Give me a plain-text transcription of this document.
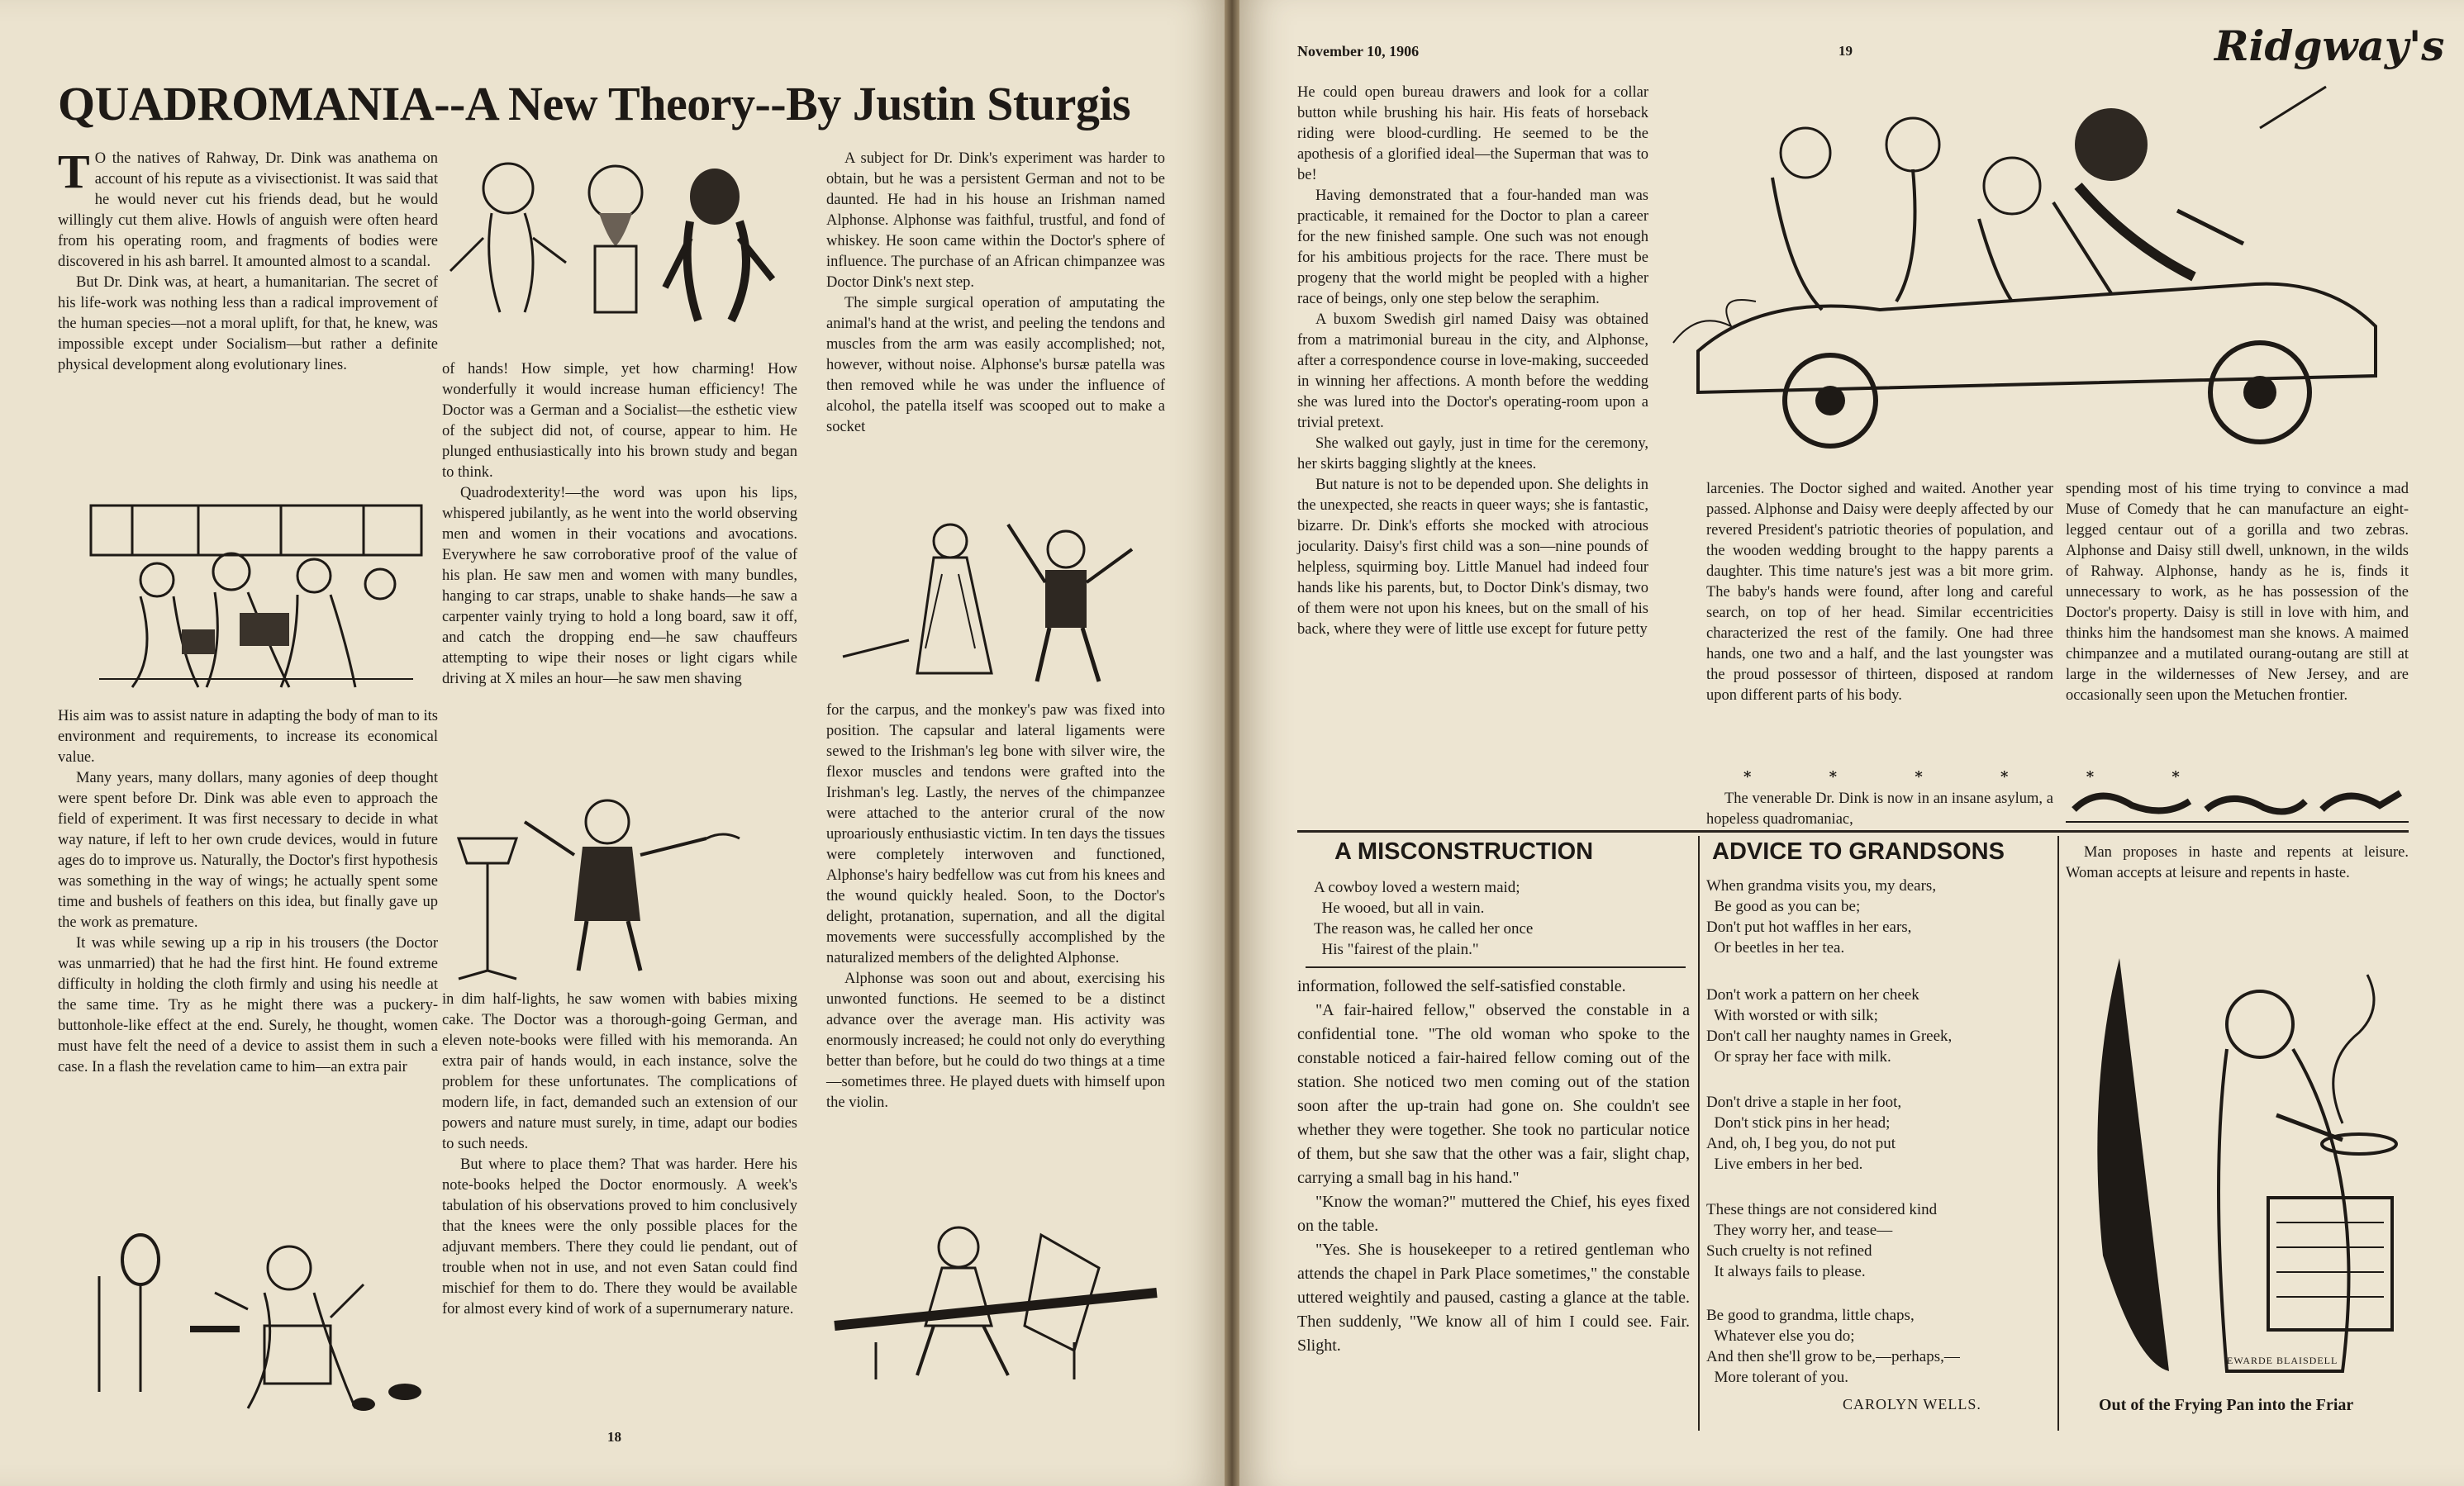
QUADROMANIA--A New Theory--By Justin Sturgis

T O the natives of Rahway, Dr. Dink was anathema on account of his repute as a vivisectionist. It was said that he would never cut his friends dead, but he would willingly cut them alive. Howls of anguish were often heard from his operating room, and fragments of bodies were discovered in his ash barrel. It amounted almost to a scandal.

But Dr. Dink was, at heart, a humanitarian. The secret of his life-work was nothing less than a radical improvement of the human species—not a moral uplift, for that, he knew, was impossible except under Socialism—but rather a definite physical development along evolutionary lines.

His aim was to assist nature in adapting the body of man to its environment and requirements, to increase its economical value.

Many years, many dollars, many agonies of deep thought were spent before Dr. Dink was able even to approach the field of experiment. It was first necessary to decide in what way nature, if left to her own crude devices, would in future ages do to improve us. Naturally, the Doctor's first hypothesis was something in the way of wings; he actually spent some time and bushels of feathers on this idea, but finally gave up the work as premature.

It was while sewing up a rip in his trousers (the Doctor was unmarried) that he had the first hint. He found extreme difficulty in holding the cloth firmly and using his needle at the same time. Try as he might there was a puckery-buttonhole-like effect at the end. Surely, he thought, women must have felt the need of a device to assist them in such a case. In a flash the revelation came to him—an extra pair

of hands! How simple, yet how charming! How wonderfully it would increase human efficiency! The Doctor was a German and a Socialist—the esthetic view of the subject did not, of course, appear to him. He plunged enthusiastically into his brown study and began to think.

Quadrodexterity!—the word was upon his lips, whispered jubilantly, as he went into the world observing men and women in their vocations and avocations. Everywhere he saw corroborative proof of the value of his plan. He saw men and women with many bundles, hanging to car straps, unable to shake hands—he saw a carpenter vainly trying to hold a long board, saw it off, and catch the dropping end—he saw chauffeurs attempting to wipe their noses or light cigars while driving at X miles an hour—he saw men shaving

in dim half-lights, he saw women with babies mixing cake. The Doctor was a thorough-going German, and eleven note-books were filled with his memoranda. An extra pair of hands would, in each instance, solve the problem for these unfortunates. The complications of modern life, in fact, demanded such an extension of our powers and nature must surely, in time, adapt our bodies to such needs.

But where to place them? That was harder. Here his note-books helped the Doctor enormously. A week's tabulation of his observations proved to him conclusively that the knees were the only possible places for the adjuvant members. There they could lie pendant, out of trouble when not in use, and not even Satan could find mischief for them to do. There they would be available for almost every kind of work of a supernumerary nature.

A subject for Dr. Dink's experiment was harder to obtain, but he was a persistent German and not to be daunted. He had in his house an Irishman named Alphonse. Alphonse was faithful, trustful, and fond of whiskey. He soon came within the Doctor's sphere of influence. The purchase of an African chimpanzee was Doctor Dink's next step.

The simple surgical operation of amputating the animal's hand at the wrist, and peeling the tendons and muscles from the arm was easily accomplished; not, however, without noise. Alphonse's bursæ patella was then removed while he was under the influence of alcohol, the patella itself was scooped out to make a socket

for the carpus, and the monkey's paw was fixed into position. The capsular and lateral ligaments were sewed to the Irishman's leg bone with silver wire, the flexor muscles and tendons were grafted into the Irishman's leg. Lastly, the nerves of the chimpanzee were attached to the anterior crural of the now uproariously enthusiastic victim. In ten days the tissues were completely interwoven and functioned, Alphonse's hairy bedfellow was cut from his knees and the wound quickly healed. Soon, to the Doctor's delight, protanation, supernation, and all the digital movements were successfully accomplished by the naturalized members of the delighted Alphonse.

Alphonse was soon out and about, exercising his unwonted functions. He seemed to be a distinct advance over the average man. His activity was enormously increased; he could not only do everything better than before, but he could do two things at a time—sometimes three. He played duets with himself upon the violin.

18
November 10, 1906	19	Ridgway's

He could open bureau drawers and look for a collar button while brushing his hair. His feats of horseback riding were blood-curdling. He seemed to be the apothesis of a glorified ideal—the Superman that was to be!

Having demonstrated that a four-handed man was practicable, it remained for the Doctor to plan a career for the new finished sample. One such was not enough for his ambitious projects for the race. There must be progeny that the world might be peopled with a higher race of beings, only one step below the seraphim.

A buxom Swedish girl named Daisy was obtained from a matrimonial bureau in the city, and Alphonse, after a correspondence course in love-making, succeeded in winning her affections. A month before the wedding she was lured into the Doctor's operating-room upon a trivial pretext.

She walked out gayly, just in time for the ceremony, her skirts bagging slightly at the knees.

But nature is not to be depended upon. She delights in the unexpected, she reacts in queer ways; she is fantastic, bizarre. Dr. Dink's efforts she mocked with atrocious jocularity. Daisy's first child was a son—nine pounds of helpless, squirming boy. Little Manuel had indeed four hands like his parents, but, to Doctor Dink's dismay, two of them were not upon his knees, but on the small of his back, where they were of little use except for future petty

larcenies. The Doctor sighed and waited. Another year passed. Alphonse and Daisy were deeply affected by our revered President's patriotic theories of population, and the wooden wedding brought to the happy parents a daughter. This time nature's jest was a bit more grim. The baby's hands were found, after long and careful search, on top of her head. Similar eccentricities characterized the rest of the family. One had three hands, one two and a half, and the last youngster was the proud possessor of thirteen, disposed at random upon different parts of his body.

* * * * * *

The venerable Dr. Dink is now in an insane asylum, a hopeless quadromaniac,

spending most of his time trying to convince a mad Muse of Comedy that he can manufacture an eight-legged centaur out of a gorilla and two zebras. Alphonse and Daisy still dwell, unknown, in the wilds of Rahway. Alphonse, handy as he is, finds it unnecessary to work, as he has possession of the Doctor's property. Daisy is still in love with him, and thinks him the handsomest man she knows. A maimed chimpanzee and a mutilated ourang-outang are still at large in the wildernesses of New Jersey, and are occasionally seen upon the Metuchen frontier.

A MISCONSTRUCTION
A cowboy loved a western maid;
He wooed, but all in vain.
The reason was, he called her once
His "fairest of the plain."

information, followed the self-satisfied constable.

"A fair-haired fellow," observed the constable in a confidential tone. "The old woman who spoke to the constable noticed a fair-haired fellow coming out of the station. She noticed two men coming out of the station soon after the up-train had gone on. She couldn't see whether they were together. She took no particular notice of them, but she saw that the other was a fair, slight chap, carrying a small bag in his hand."

"Know the woman?" muttered the Chief, his eyes fixed on the table.

"Yes. She is housekeeper to a retired gentleman who attends the chapel in Park Place sometimes," the constable uttered weightily and paused, casting a glance at the table. Then suddenly, "We know all of him I could see. Fair. Slight.

ADVICE TO GRANDSONS
When grandma visits you, my dears,
Be good as you can be;
Don't put hot waffles in her ears,
Or beetles in her tea.
Don't work a pattern on her cheek
With worsted or with silk;
Don't call her naughty names in Greek,
Or spray her face with milk.
Don't drive a staple in her foot,
Don't stick pins in her head;
And, oh, I beg you, do not put
Live embers in her bed.
These things are not considered kind
They worry her, and tease—
Such cruelty is not refined
It always fails to please.
Be good to grandma, little chaps,
Whatever else you do;
And then she'll grow to be,—perhaps,—
More tolerant of you.
CAROLYN WELLS.

Man proposes in haste and repents at leisure. Woman accepts at leisure and repents in haste.

EWARDE BLAISDELL
Out of the Frying Pan into the Friar
